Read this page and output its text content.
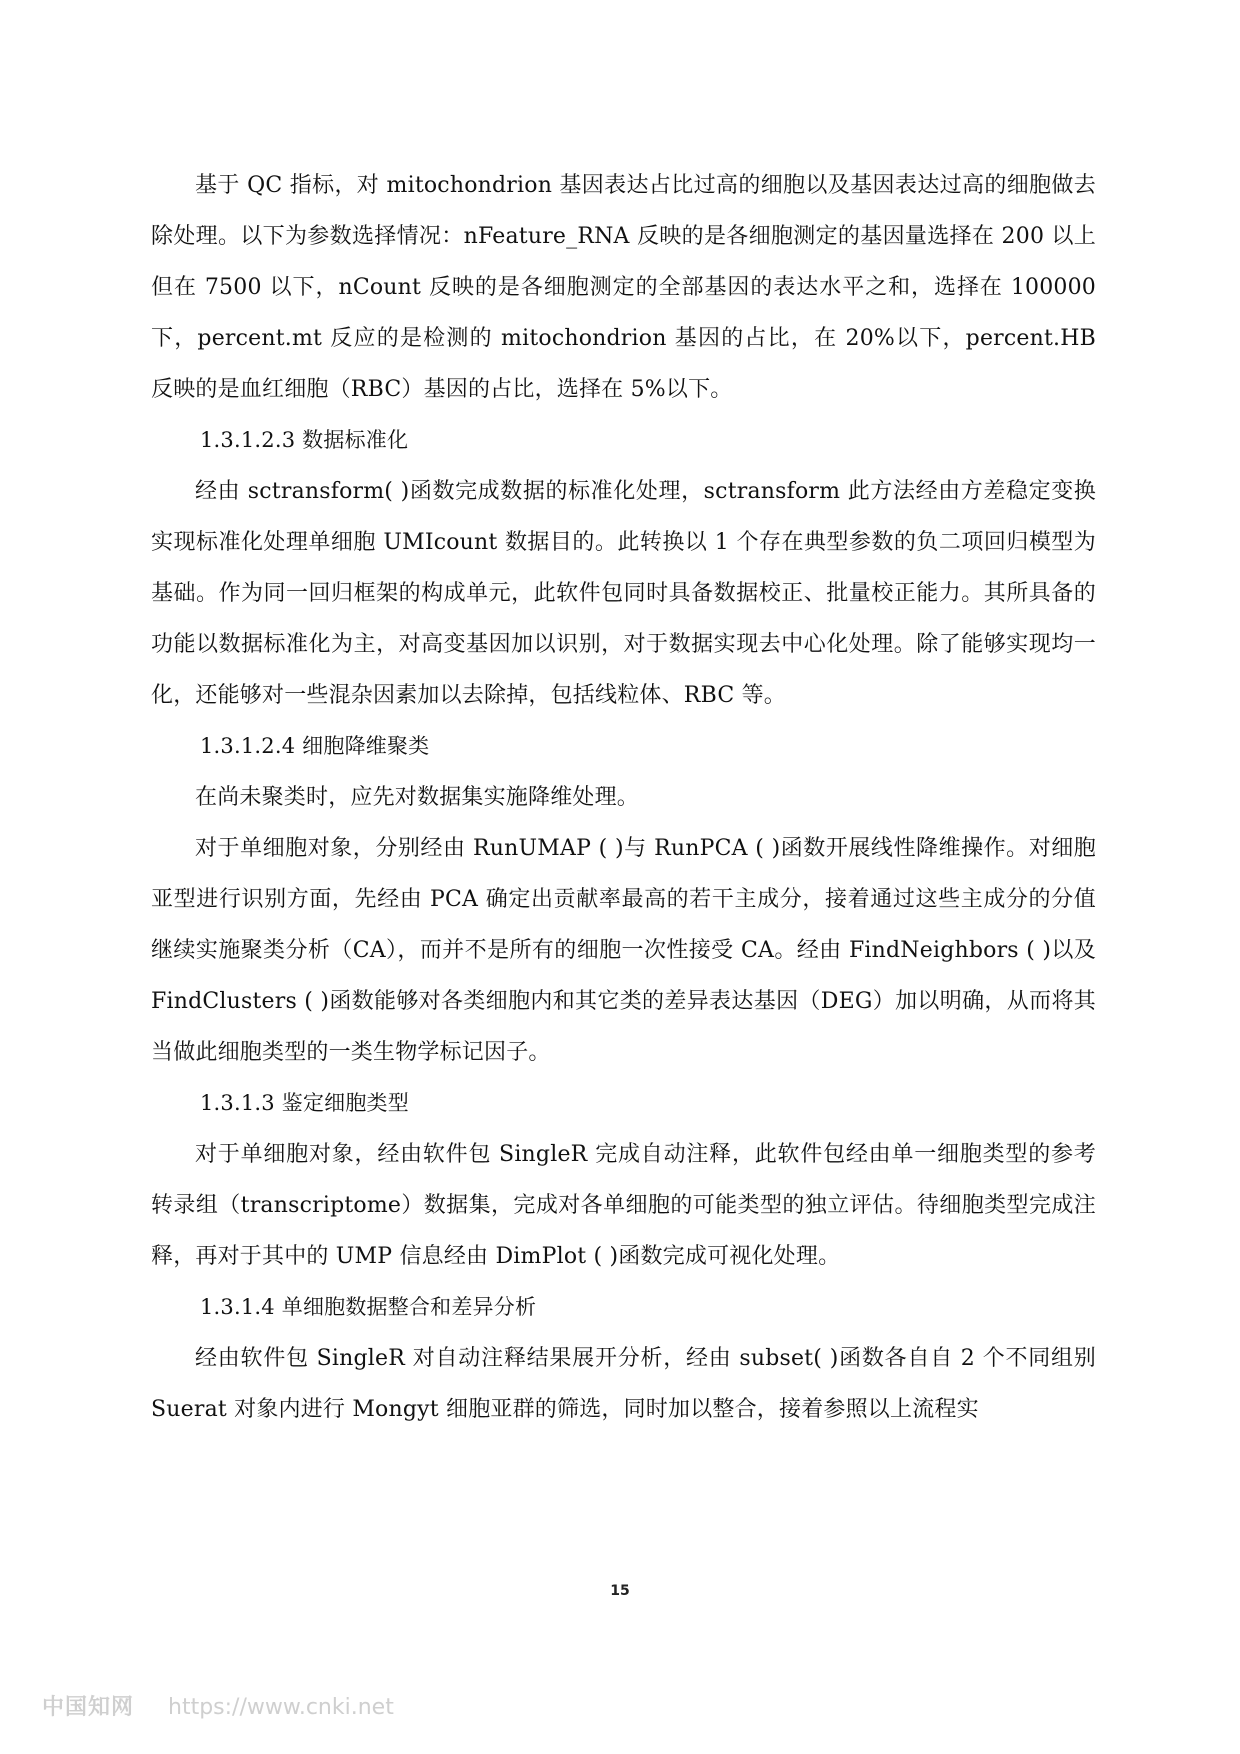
基于 QC 指标，对 mitochondrion 基因表达占比过高的细胞以及基因表达过高的细胞做去除处理。以下为参数选择情况：nFeature_RNA 反映的是各细胞测定的基因量选择在 200 以上但在 7500 以下，nCount 反映的是各细胞测定的全部基因的表达水平之和，选择在 100000 下，percent.mt 反应的是检测的 mitochondrion 基因的占比，在 20%以下，percent.HB 反映的是血红细胞（RBC）基因的占比，选择在 5%以下。

1.3.1.2.3 数据标准化

经由 sctransform( )函数完成数据的标准化处理，sctransform 此方法经由方差稳定变换实现标准化处理单细胞 UMIcount 数据目的。此转换以 1 个存在典型参数的负二项回归模型为基础。作为同一回归框架的构成单元，此软件包同时具备数据校正、批量校正能力。其所具备的功能以数据标准化为主，对高变基因加以识别，对于数据实现去中心化处理。除了能够实现均一化，还能够对一些混杂因素加以去除掉，包括线粒体、RBC 等。

1.3.1.2.4 细胞降维聚类

在尚未聚类时，应先对数据集实施降维处理。

对于单细胞对象，分别经由 RunUMAP ( )与 RunPCA ( )函数开展线性降维操作。对细胞亚型进行识别方面，先经由 PCA 确定出贡献率最高的若干主成分，接着通过这些主成分的分值继续实施聚类分析（CA），而并不是所有的细胞一次性接受 CA。经由 FindNeighbors ( )以及 FindClusters ( )函数能够对各类细胞内和其它类的差异表达基因（DEG）加以明确，从而将其当做此细胞类型的一类生物学标记因子。

1.3.1.3 鉴定细胞类型

对于单细胞对象，经由软件包 SingleR 完成自动注释，此软件包经由单一细胞类型的参考转录组（transcriptome）数据集，完成对各单细胞的可能类型的独立评估。待细胞类型完成注释，再对于其中的 UMP 信息经由 DimPlot ( )函数完成可视化处理。

1.3.1.4 单细胞数据整合和差异分析

经由软件包 SingleR 对自动注释结果展开分析，经由 subset( )函数各自自 2 个不同组别 Suerat 对象内进行 Mongyt 细胞亚群的筛选，同时加以整合，接着参照以上流程实

15
中国知网 https://www.cnki.net
